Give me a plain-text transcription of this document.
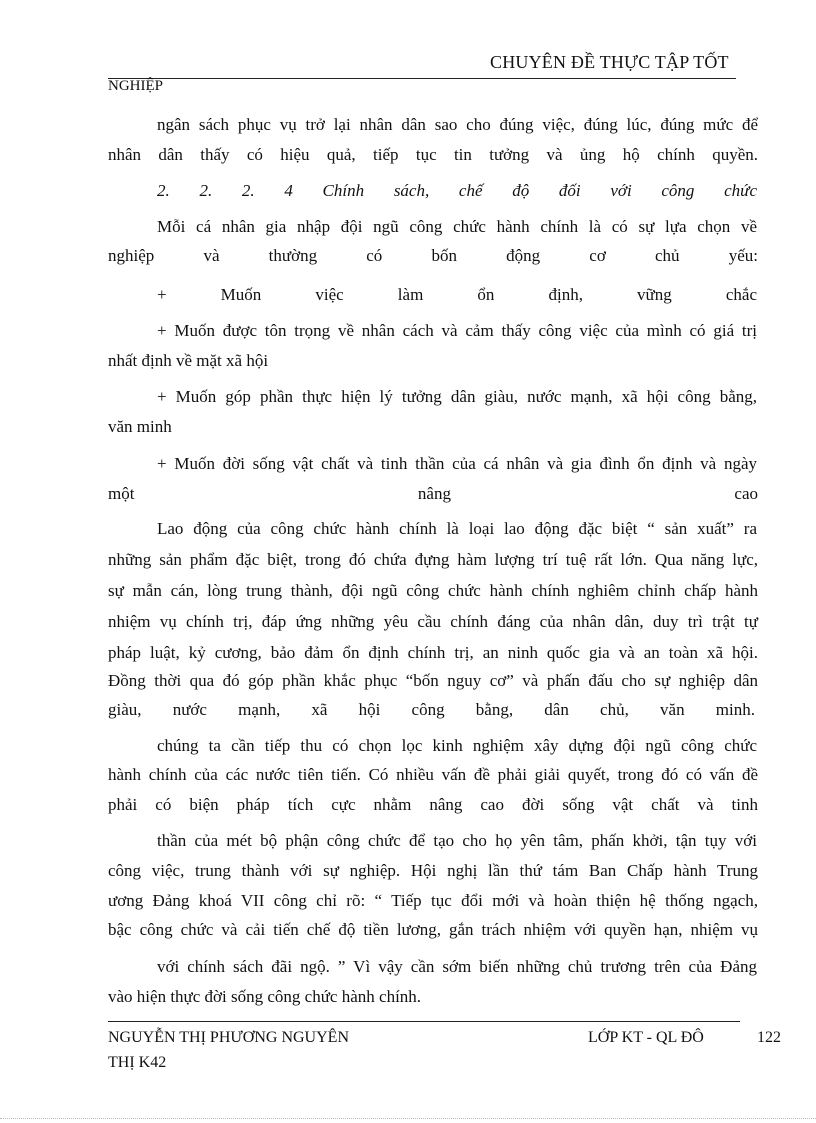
CHUYÊN ĐỀ THỰC TẬP TỐT
NGHIỆP
ngân sách phục vụ trở lại nhân dân sao cho đúng việc, đúng lúc, đúng mức để
nhân dân thấy có hiệu quả, tiếp tục tin tưởng và ủng hộ chính quyền.
2. 2. 2. 4 Chính sách, chế độ đối với công chức
Mỗi cá nhân gia nhập đội ngũ công chức hành chính là có sự lựa chọn về
nghiệp và thường có bốn động cơ chủ yếu:
+ Muốn việc làm ổn định, vững chắc
+ Muốn được tôn trọng về nhân cách và cảm thấy công việc của mình có giá trị
nhất định về mặt xã hội
+ Muốn góp phần thực hiện lý tưởng dân giàu, nước mạnh, xã hội công bằng,
văn minh
+ Muốn đời sống vật chất và tinh thần của cá nhân và gia đình ổn định và ngày
một nâng cao
Lao động của công chức hành chính là loại lao động đặc biệt “ sản xuất” ra
những sản phẩm đặc biệt, trong đó chứa đựng hàm lượng trí tuệ rất lớn. Qua năng lực,
sự mẫn cán, lòng trung thành, đội ngũ công chức hành chính nghiêm chỉnh chấp hành
nhiệm vụ chính trị, đáp ứng những yêu cầu chính đáng của nhân dân, duy trì trật tự
pháp luật, kỷ cương, bảo đảm ổn định chính trị, an ninh quốc gia và an toàn xã hội.
Đồng thời qua đó góp phần khắc phục “bốn nguy cơ” và phấn đấu cho sự nghiệp dân
giàu, nước mạnh, xã hội công bằng, dân chủ, văn minh.
chúng ta cần tiếp thu có chọn lọc kinh nghiệm xây dựng đội ngũ công chức
hành chính của các nước tiên tiến. Có nhiều vấn đề phải giải quyết, trong đó có vấn đề
phải có biện pháp tích cực nhằm nâng cao đời sống vật chất và tinh
thần của mét bộ phận công chức để tạo cho họ yên tâm, phấn khởi, tận tụy với
công việc, trung thành với sự nghiệp. Hội nghị lần thứ tám Ban Chấp hành Trung
ương Đảng khoá VII công chỉ rõ: “ Tiếp tục đổi mới và hoàn thiện hệ thống ngạch,
bậc công chức và cải tiến chế độ tiền lương, gắn trách nhiệm với quyền hạn, nhiệm vụ
với chính sách đãi ngộ. ” Vì vậy cần sớm biến những chủ trương trên của Đảng
vào hiện thực đời sống công chức hành chính.
NGUYỄN THỊ PHƯƠNG NGUYÊN
THỊ K42
LỚP KT - QL ĐÔ	122
